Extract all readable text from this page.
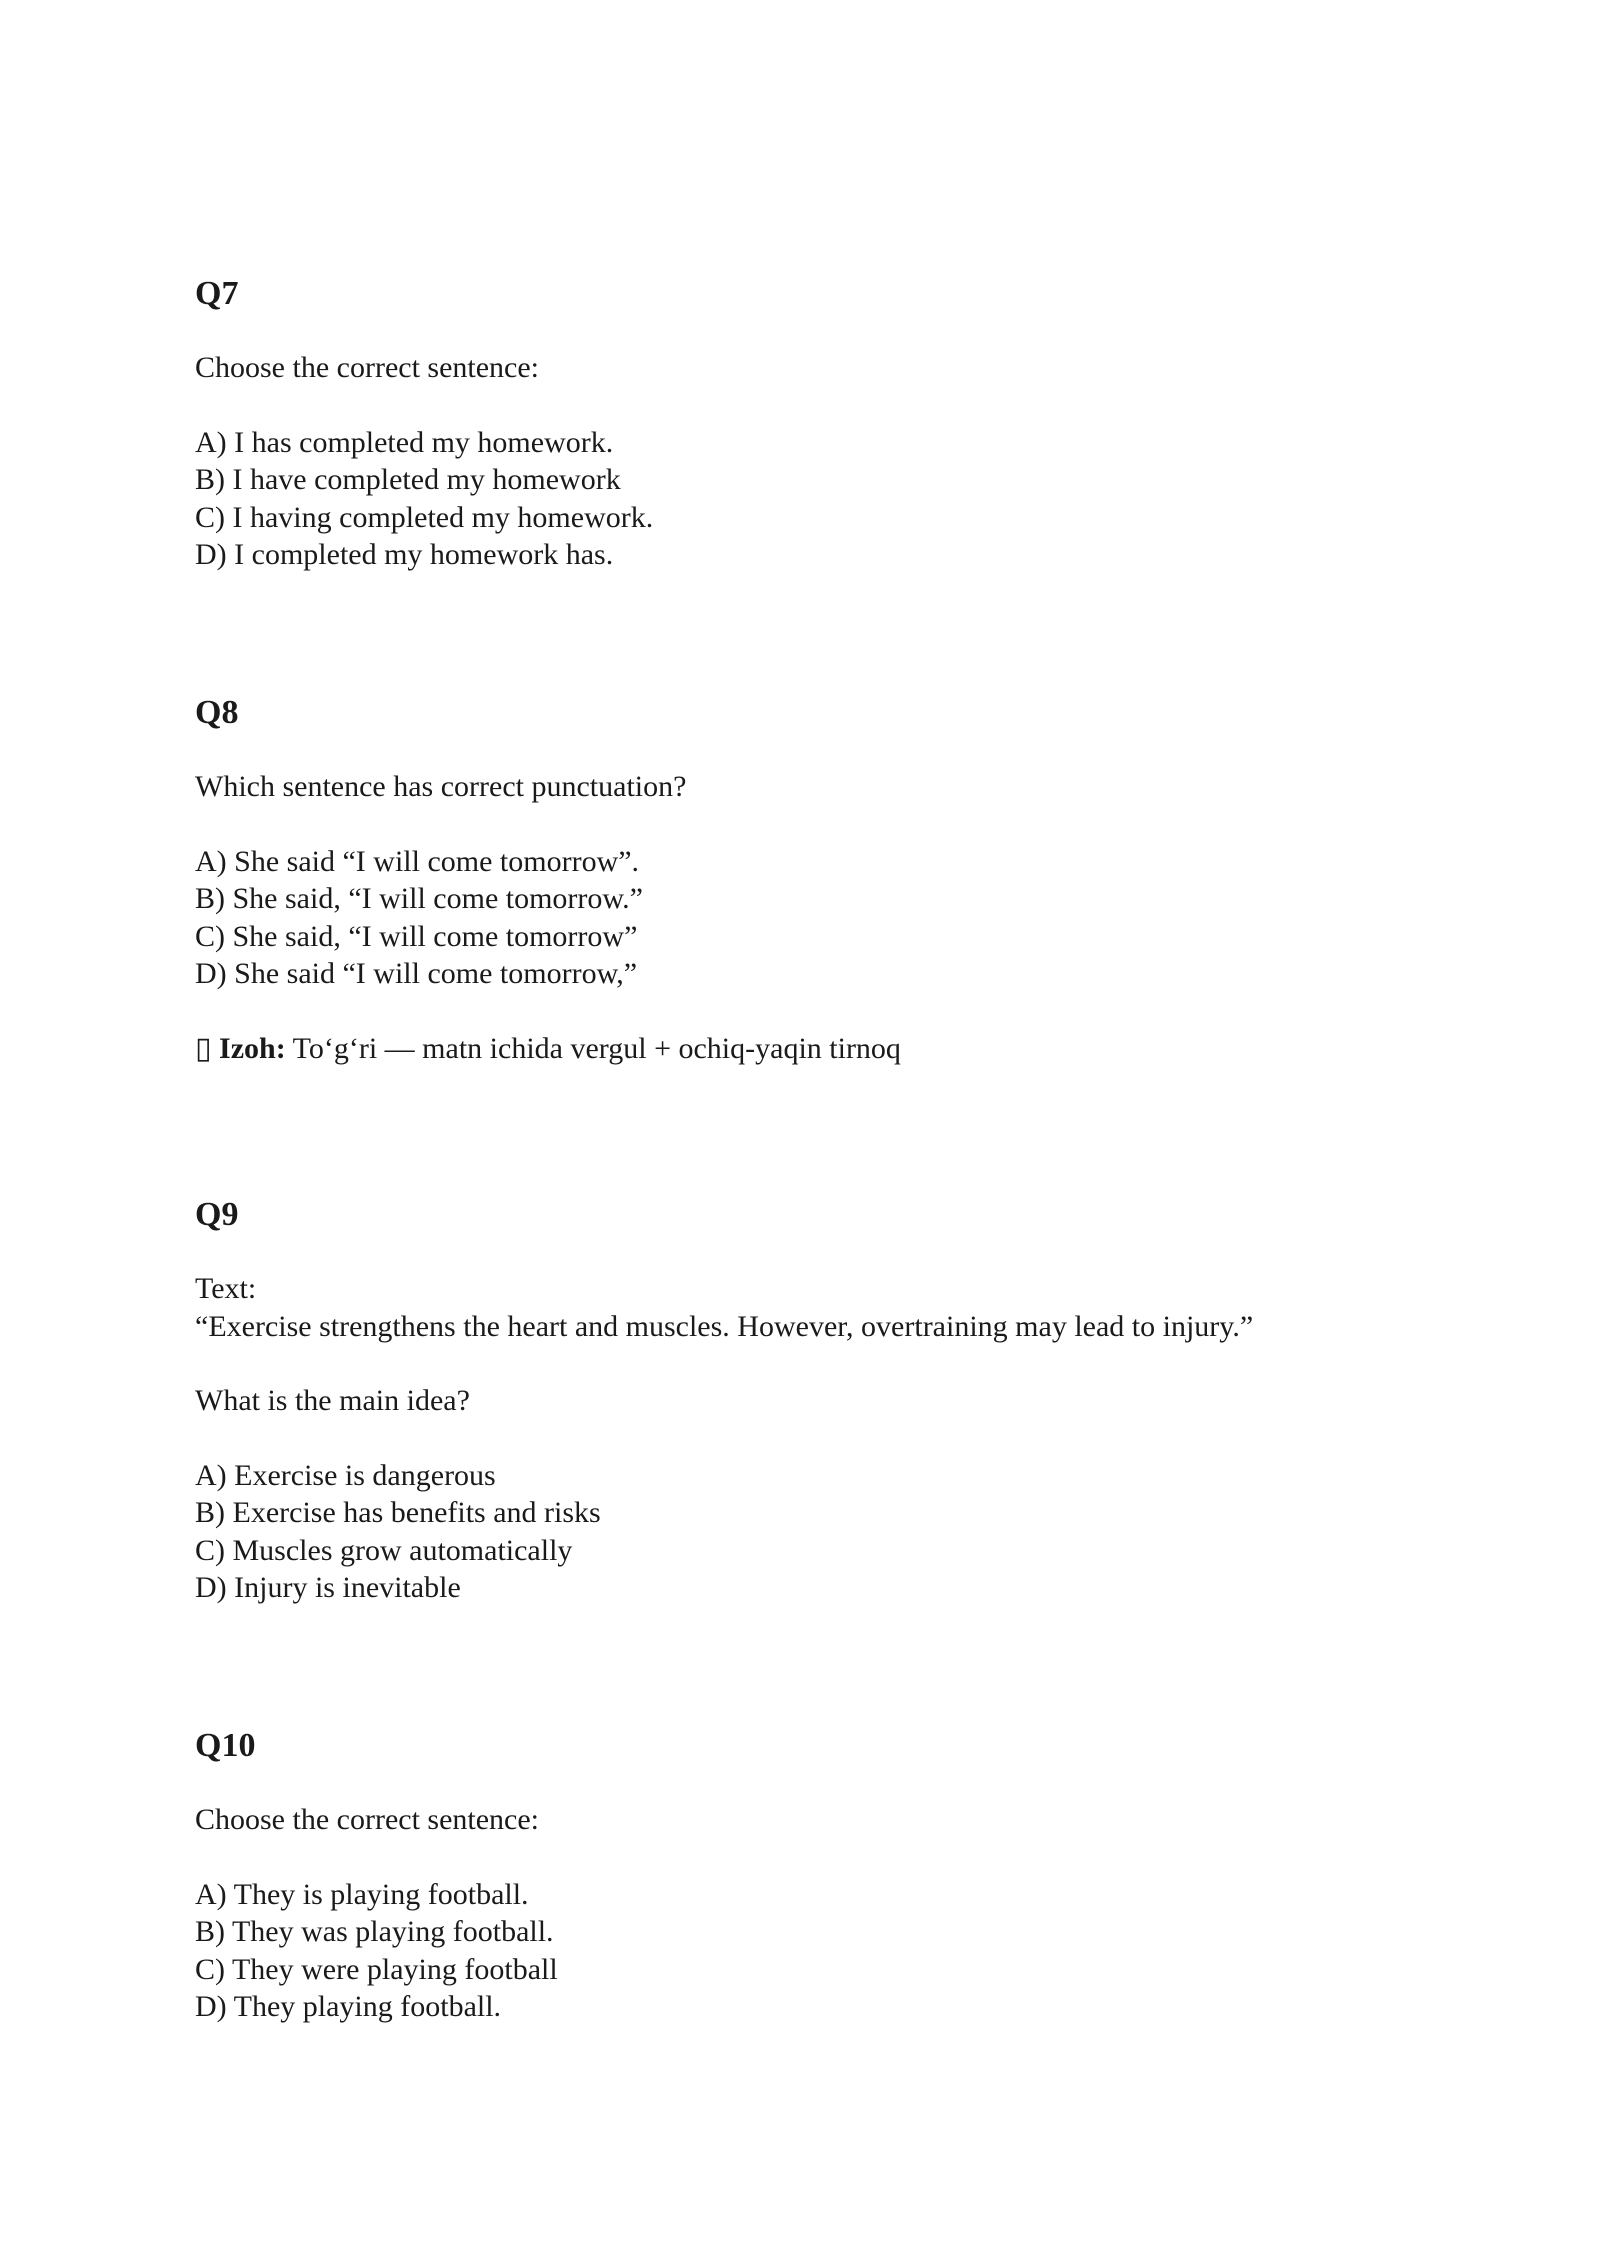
Q7
Choose the correct sentence:
A) I has completed my homework.
B) I have completed my homework
C) I having completed my homework.
D) I completed my homework has.
Q8
Which sentence has correct punctuation?
A) She said “I will come tomorrow”.
B) She said, “I will come tomorrow.”
C) She said, “I will come tomorrow”
D) She said “I will come tomorrow,”
▯ Izoh: To‘g‘ri — matn ichida vergul + ochiq-yaqin tirnoq
Q9
Text:
“Exercise strengthens the heart and muscles. However, overtraining may lead to injury.”
What is the main idea?
A) Exercise is dangerous
B) Exercise has benefits and risks
C) Muscles grow automatically
D) Injury is inevitable
Q10
Choose the correct sentence:
A) They is playing football.
B) They was playing football.
C) They were playing football
D) They playing football.
